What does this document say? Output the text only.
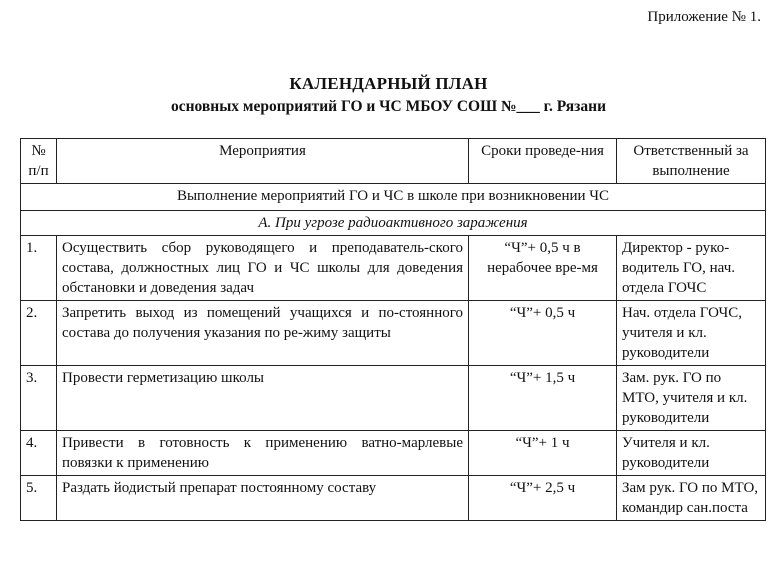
Приложение № 1.
КАЛЕНДАРНЫЙ ПЛАН
основных мероприятий ГО и ЧС МБОУ СОШ №___ г. Рязани
№ п/п	Мероприятия	Сроки проведе-ния	Ответственный за выполнение
Выполнение мероприятий ГО и ЧС в школе при возникновении ЧС			
А. При угрозе радиоактивного заражения			
1.	Осуществить сбор руководящего и преподаватель-ского состава, должностных лиц ГО и ЧС школы для доведения обстановки и доведения задач	“Ч”+ 0,5 ч в нерабочее вре-мя	Директор - руко-водитель ГО, нач. отдела ГОЧС
2.	Запретить выход из помещений учащихся и по-стоянного состава до получения указания по ре-жиму защиты	“Ч”+ 0,5 ч	Нач. отдела ГОЧС, учителя и кл. руководители
3.	Провести герметизацию школы	“Ч”+ 1,5 ч	Зам. рук. ГО по МТО, учителя и кл. руководители
4.	Привести в готовность к применению ватно-марлевые повязки к применению	“Ч”+ 1 ч	Учителя и кл. руководители
5.	Раздать йодистый препарат постоянному составу	“Ч”+ 2,5 ч	Зам рук. ГО по МТО, командир сан.поста
